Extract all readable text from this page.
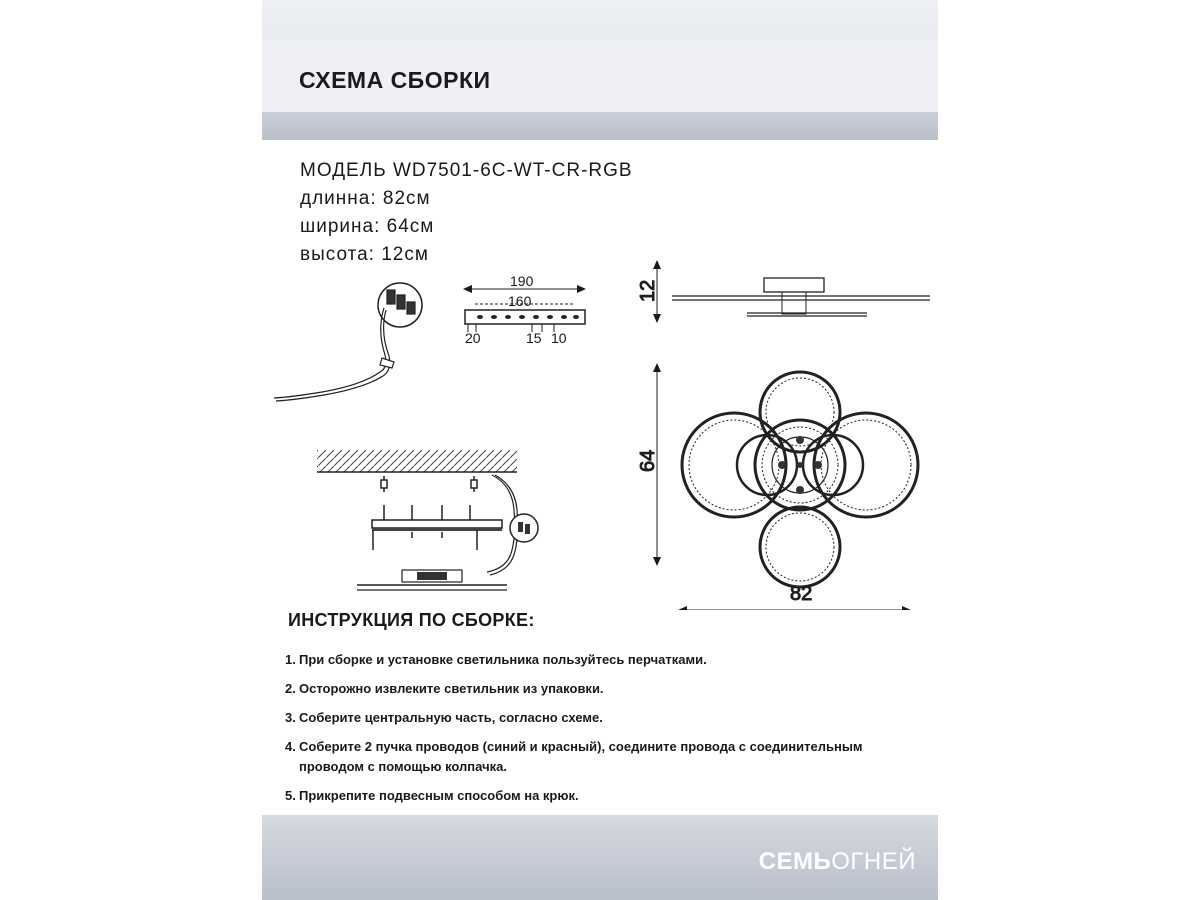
СХЕМА СБОРКИ
МОДЕЛЬ WD7501-6C-WT-CR-RGB
длинна: 82см
ширина: 64см
высота: 12см
190
160
20	15 10
12
64
82
ИНСТРУКЦИЯ ПО СБОРКЕ:
1. При сборке и установке светильника пользуйтесь перчатками.
2. Осторожно извлеките светильник из упаковки.
3. Соберите центральную часть, согласно схеме.
4. Соберите 2 пучка проводов (синий и красный), соедините провода с соединительным
проводом с помощью колпачка.
5. Прикрепите подвесным способом на крюк.
СЕМЬОГНЕЙ
